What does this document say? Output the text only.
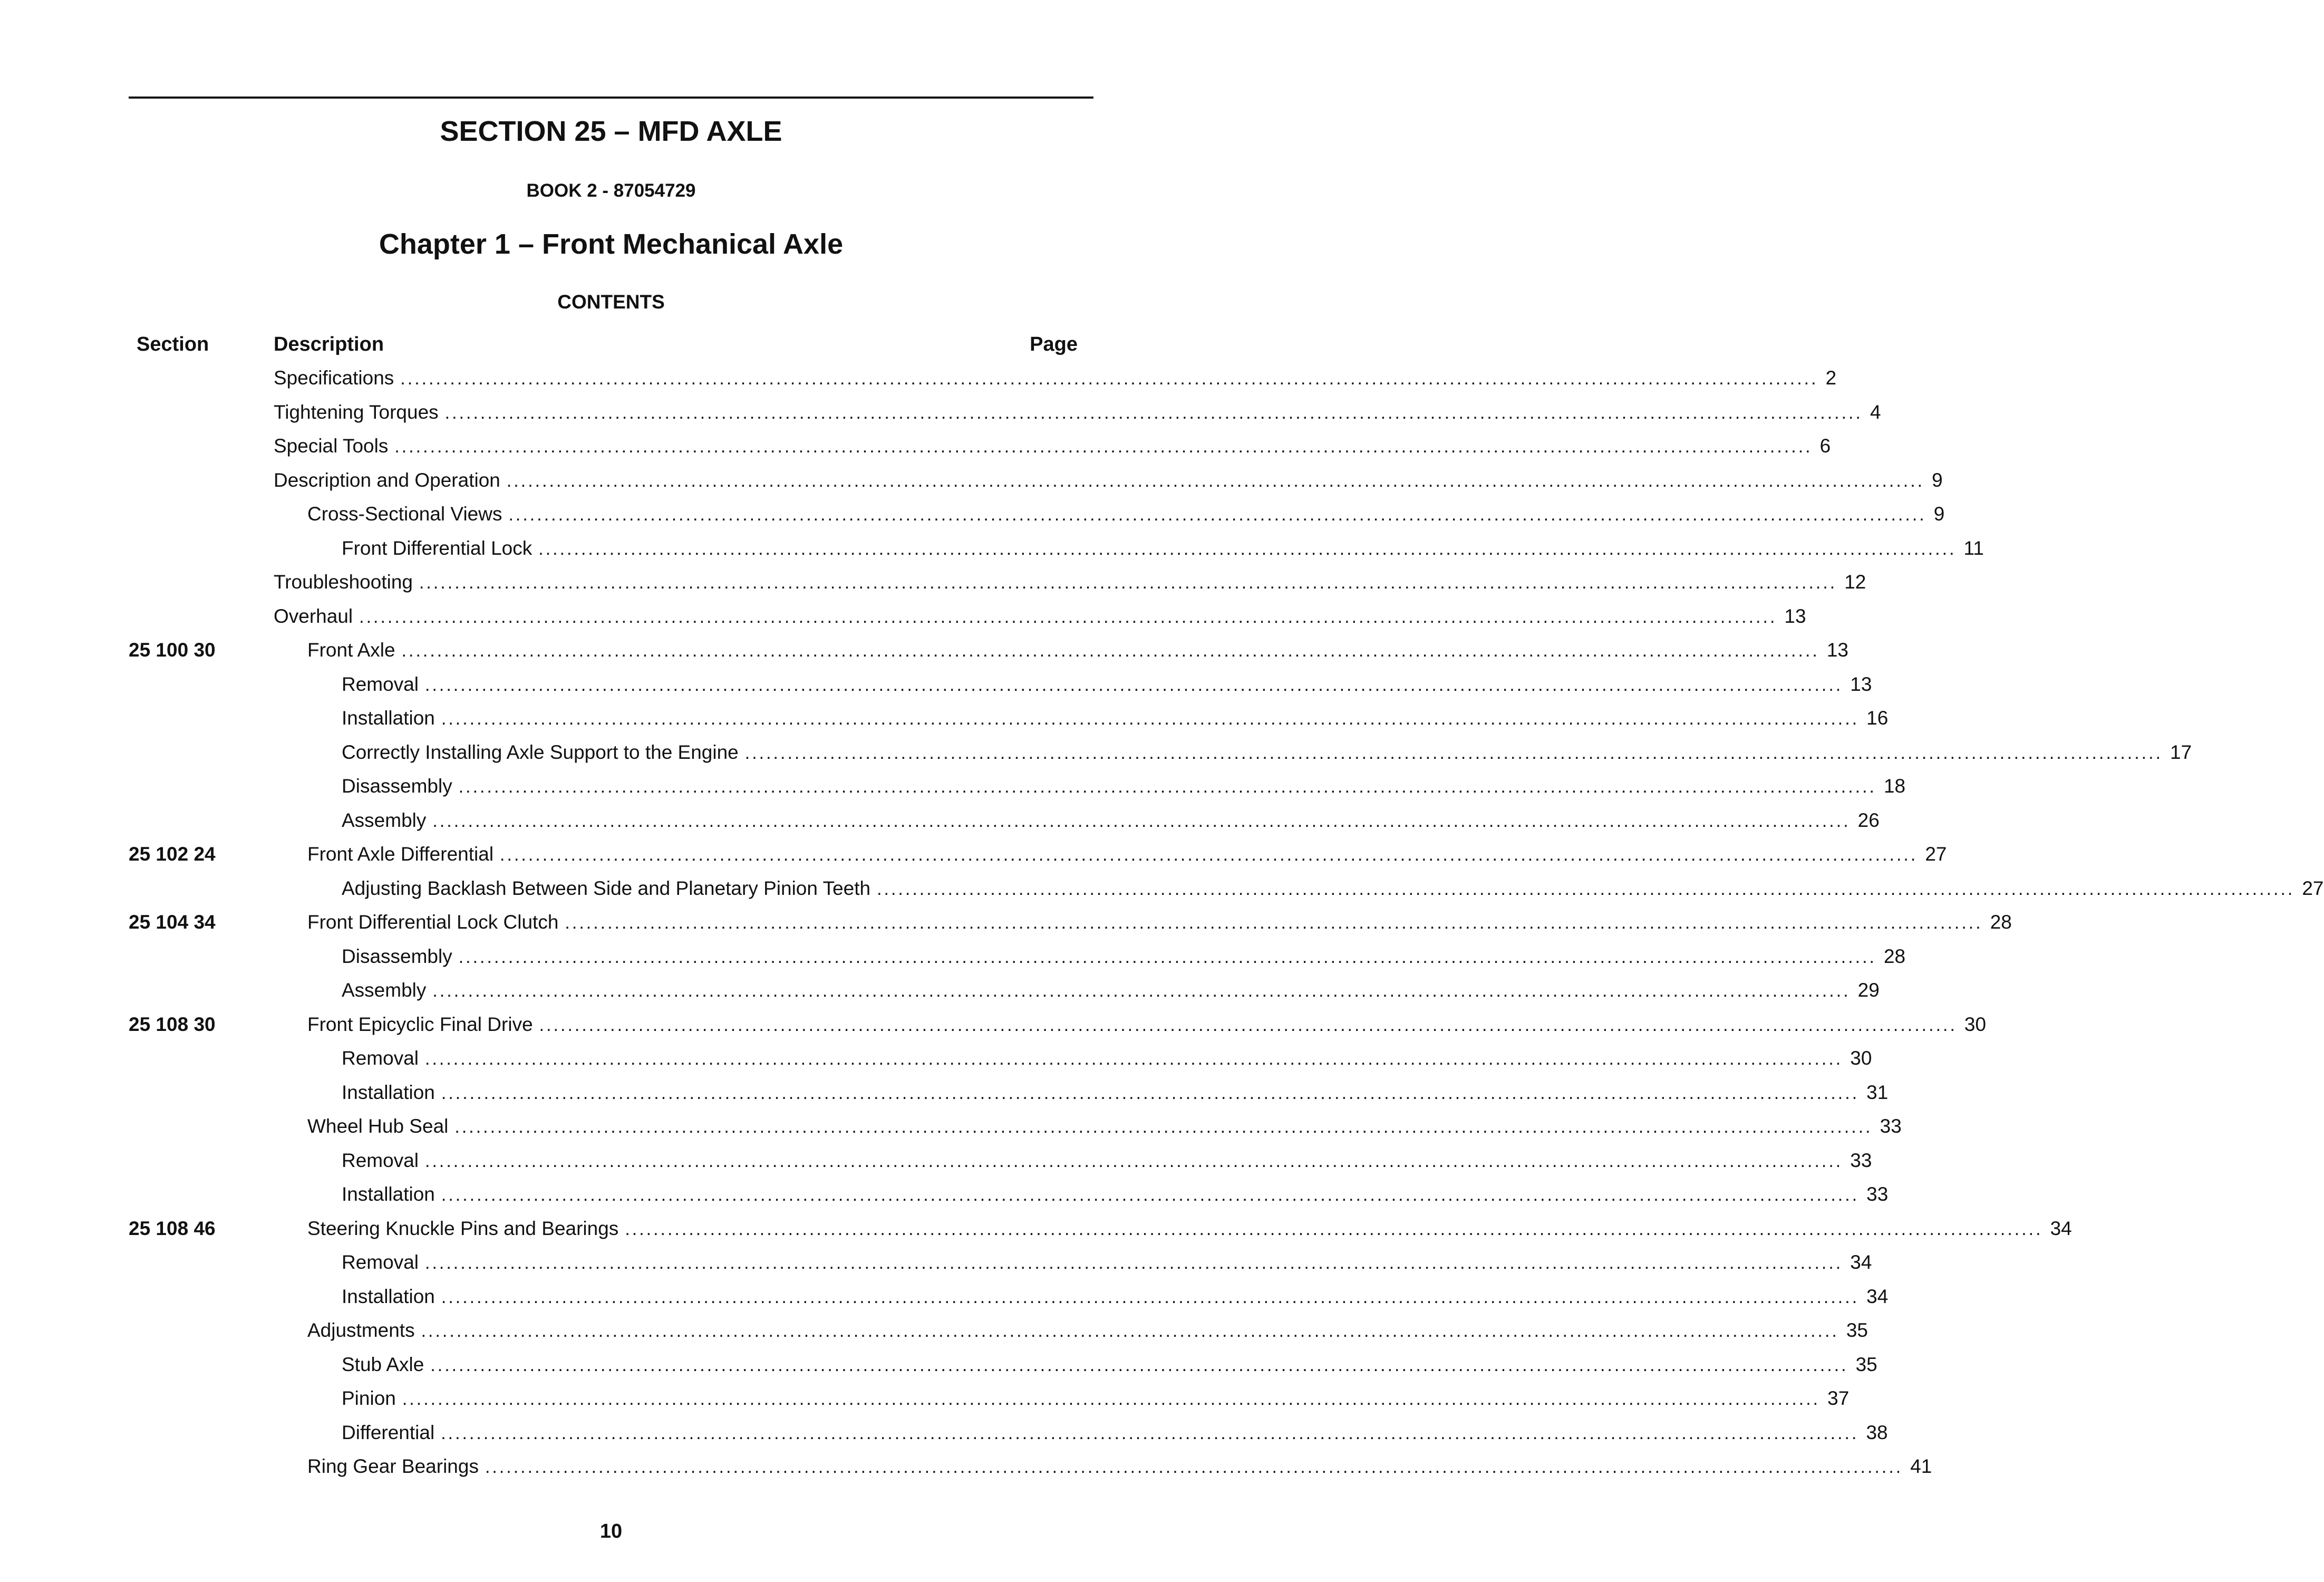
SECTION 25 – MFD AXLE
BOOK 2 - 87054729
Chapter 1 – Front Mechanical Axle
CONTENTS
Section	Description	Page
Specifications ........................................................................................................................................................................................................ 2
Tightening Torques ........................................................................................................................................................................................................ 4
Special Tools ........................................................................................................................................................................................................ 6
Description and Operation ........................................................................................................................................................................................................ 9
Cross-Sectional Views ........................................................................................................................................................................................................ 9
Front Differential Lock ........................................................................................................................................................................................................ 11
Troubleshooting ........................................................................................................................................................................................................ 12
Overhaul ........................................................................................................................................................................................................ 13
25 100 30	Front Axle ........................................................................................................................................................................................................ 13
Removal ........................................................................................................................................................................................................ 13
Installation ........................................................................................................................................................................................................ 16
Correctly Installing Axle Support to the Engine ........................................................................................................................................................................................................ 17
Disassembly ........................................................................................................................................................................................................ 18
Assembly ........................................................................................................................................................................................................ 26
25 102 24	Front Axle Differential ........................................................................................................................................................................................................ 27
Adjusting Backlash Between Side and Planetary Pinion Teeth ........................................................................................................................................................................................................ 27
25 104 34	Front Differential Lock Clutch ........................................................................................................................................................................................................ 28
Disassembly ........................................................................................................................................................................................................ 28
Assembly ........................................................................................................................................................................................................ 29
25 108 30	Front Epicyclic Final Drive ........................................................................................................................................................................................................ 30
Removal ........................................................................................................................................................................................................ 30
Installation ........................................................................................................................................................................................................ 31
Wheel Hub Seal ........................................................................................................................................................................................................ 33
Removal ........................................................................................................................................................................................................ 33
Installation ........................................................................................................................................................................................................ 33
25 108 46	Steering Knuckle Pins and Bearings ........................................................................................................................................................................................................ 34
Removal ........................................................................................................................................................................................................ 34
Installation ........................................................................................................................................................................................................ 34
Adjustments ........................................................................................................................................................................................................ 35
Stub Axle ........................................................................................................................................................................................................ 35
Pinion ........................................................................................................................................................................................................ 37
Differential ........................................................................................................................................................................................................ 38
Ring Gear Bearings ........................................................................................................................................................................................................ 41
10
